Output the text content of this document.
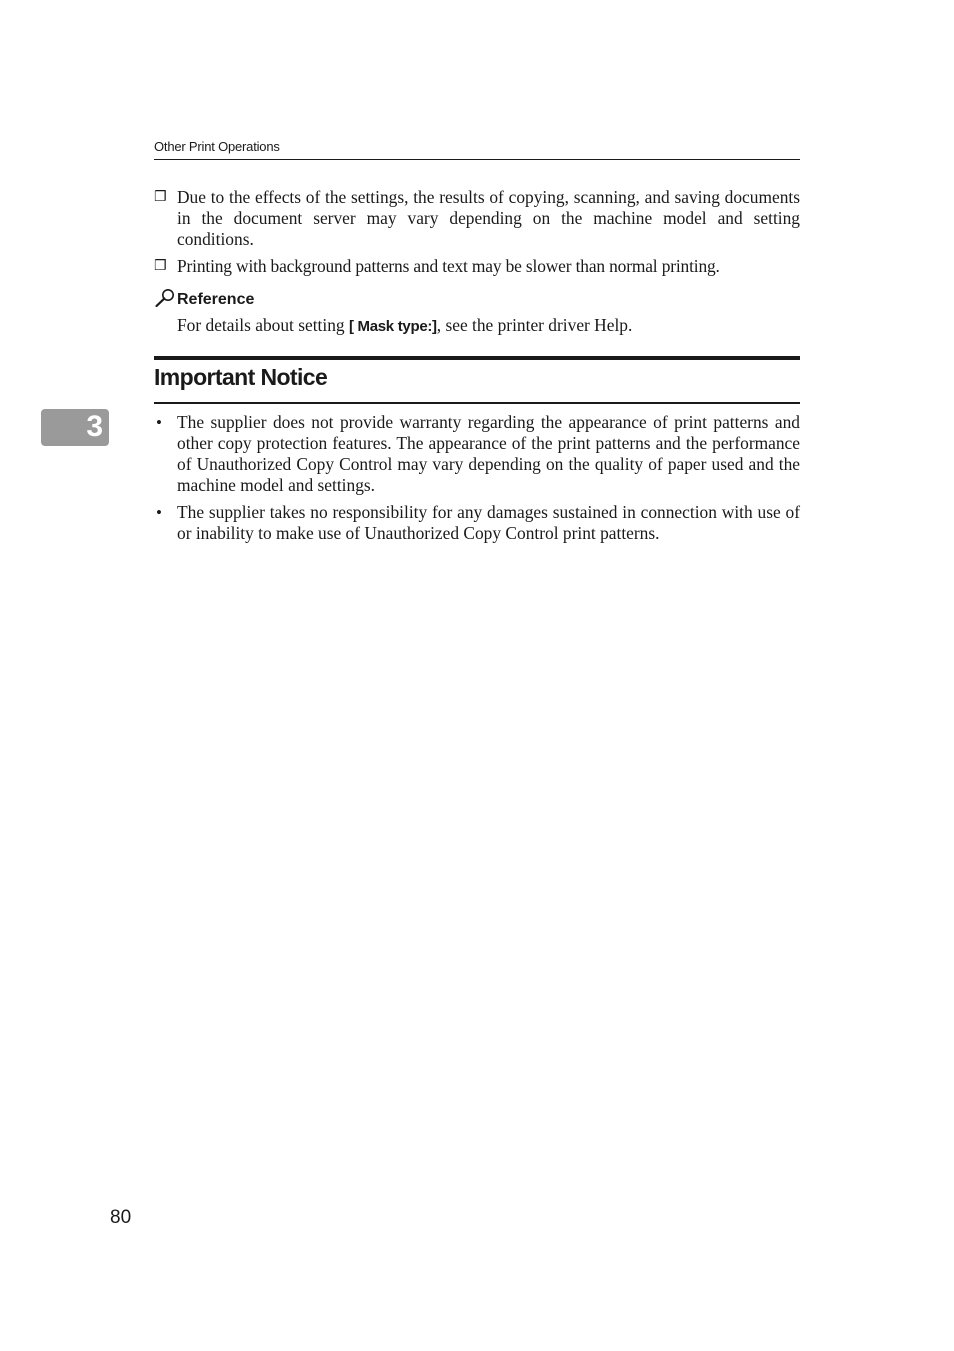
Other Print Operations
❒ Due to the effects of the settings, the results of copying, scanning, and saving documents in the document server may vary depending on the machine model and setting conditions.
❒ Printing with background patterns and text may be slower than normal printing.
Reference
For details about setting [ Mask type:], see the printer driver Help.
Important Notice
3	• The supplier does not provide warranty regarding the appearance of print patterns and other copy protection features. The appearance of the print patterns and the performance of Unauthorized Copy Control may vary depending on the quality of paper used and the machine model and settings.
• The supplier takes no responsibility for any damages sustained in connection with use of or inability to make use of Unauthorized Copy Control print patterns.
80
